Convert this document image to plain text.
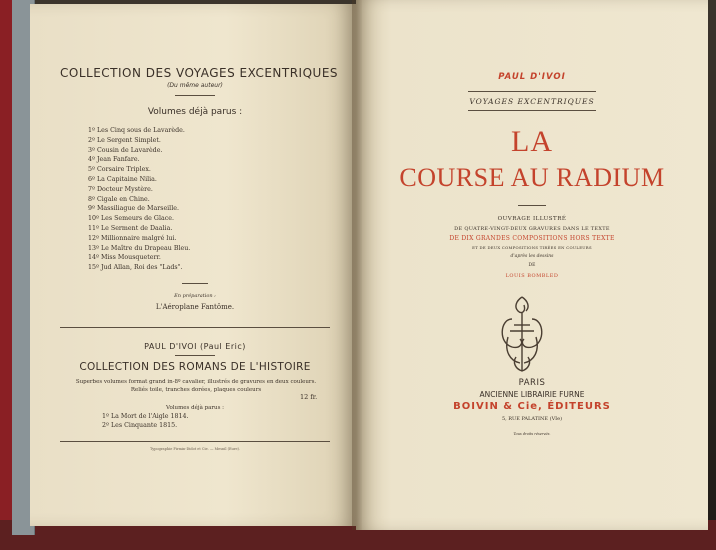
COLLECTION DES VOYAGES EXCENTRIQUES
(Du même auteur)
Volumes déjà parus :
1º Les Cinq sous de Lavarède.
2º Le Sergent Simplet.
3º Cousin de Lavarède.
4º Jean Fanfare.
5º Corsaire Triplex.
6º La Capitaine Nilia.
7º Docteur Mystère.
8º Cigale en Chine.
9º Massiliague de Marseille.
10º Les Semeurs de Glace.
11º Le Serment de Daalia.
12º Millionnaire malgré lui.
13º Le Maître du Drapeau Bleu.
14º Miss Mousqueterr.
15º Jud Allan, Roi des "Lads".
En préparation :
L'Aéroplane Fantôme.
PAUL D'IVOI (Paul Eric)
COLLECTION DES ROMANS DE L'HISTOIRE
Superbes volumes format grand in-8º cavalier, illustrés de gravures en deux couleurs. Reliés toile, tranches dorées, plaques couleurs
12 fr.
Volumes déjà parus :
1º La Mort de l'Aigle 1814.
2º Les Cinquante 1815.
Typographie Firmin-Didot et Cie. — Mesnil (Eure).
PAUL D'IVOI
VOYAGES EXCENTRIQUES
LA
COURSE AU RADIUM
OUVRAGE ILLUSTRÉ
DE QUATRE-VINGT-DEUX GRAVURES DANS LE TEXTE
DE DIX GRANDES COMPOSITIONS HORS TEXTE
ET DE DEUX COMPOSITIONS TIRÉES EN COULEURS
d'après les dessins
DE
LOUIS BOMBLED
PARIS
ANCIENNE LIBRAIRIE FURNE
BOIVIN & Cie, ÉDITEURS
5, RUE PALATINE (VIe)
Tous droits réservés.
